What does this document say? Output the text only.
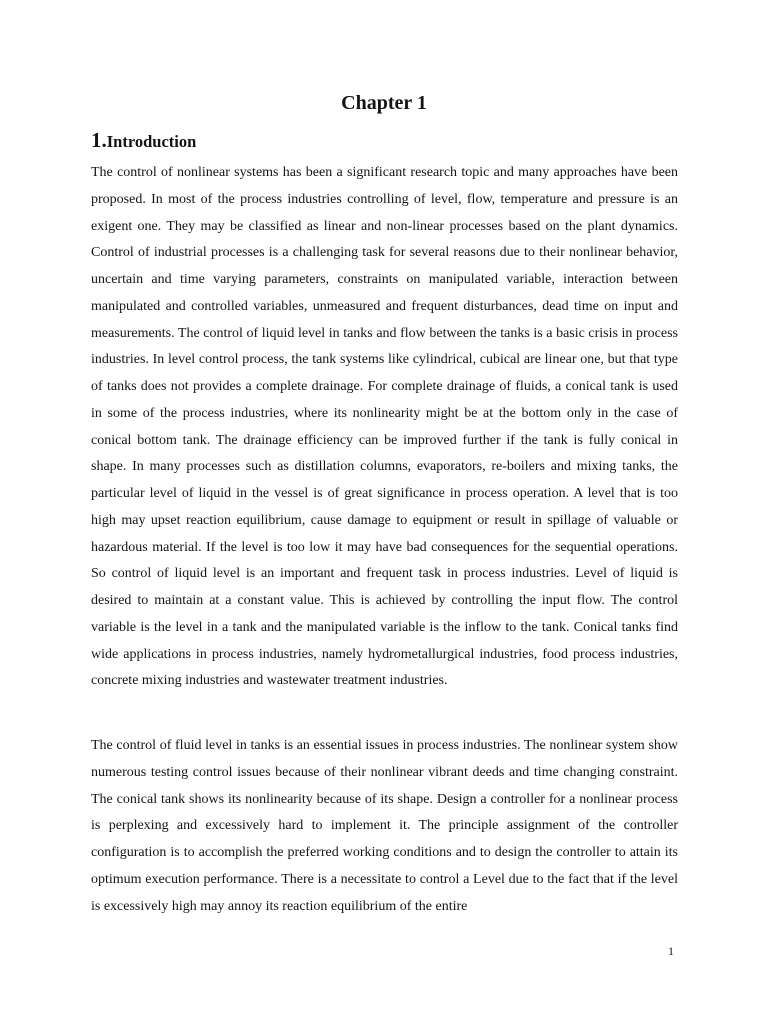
Chapter 1
1.Introduction

The control of nonlinear systems has been a significant research topic and many approaches have been proposed. In most of the process industries controlling of level, flow, temperature and pressure is an exigent one. They may be classified as linear and non-linear processes based on the plant dynamics. Control of industrial processes is a challenging task for several reasons due to their nonlinear behavior, uncertain and time varying parameters, constraints on manipulated variable, interaction between manipulated and controlled variables, unmeasured and frequent disturbances, dead time on input and measurements. The control of liquid level in tanks and flow between the tanks is a basic crisis in process industries. In level control process, the tank systems like cylindrical, cubical are linear one, but that type of tanks does not provides a complete drainage. For complete drainage of fluids, a conical tank is used in some of the process industries, where its nonlinearity might be at the bottom only in the case of conical bottom tank. The drainage efficiency can be improved further if the tank is fully conical in shape. In many processes such as distillation columns, evaporators, re-boilers and mixing tanks, the particular level of liquid in the vessel is of great significance in process operation. A level that is too high may upset reaction equilibrium, cause damage to equipment or result in spillage of valuable or hazardous material. If the level is too low it may have bad consequences for the sequential operations. So control of liquid level is an important and frequent task in process industries. Level of liquid is desired to maintain at a constant value. This is achieved by controlling the input flow. The control variable is the level in a tank and the manipulated variable is the inflow to the tank. Conical tanks find wide applications in process industries, namely hydrometallurgical industries, food process industries, concrete mixing industries and wastewater treatment industries.

The control of fluid level in tanks is an essential issues in process industries. The nonlinear system show numerous testing control issues because of their nonlinear vibrant deeds and time changing constraint. The conical tank shows its nonlinearity because of its shape. Design a controller for a nonlinear process is perplexing and excessively hard to implement it. The principle assignment of the controller configuration is to accomplish the preferred working conditions and to design the controller to attain its optimum execution performance. There is a necessitate to control a Level due to the fact that if the level is excessively high may annoy its reaction equilibrium of the entire

1
